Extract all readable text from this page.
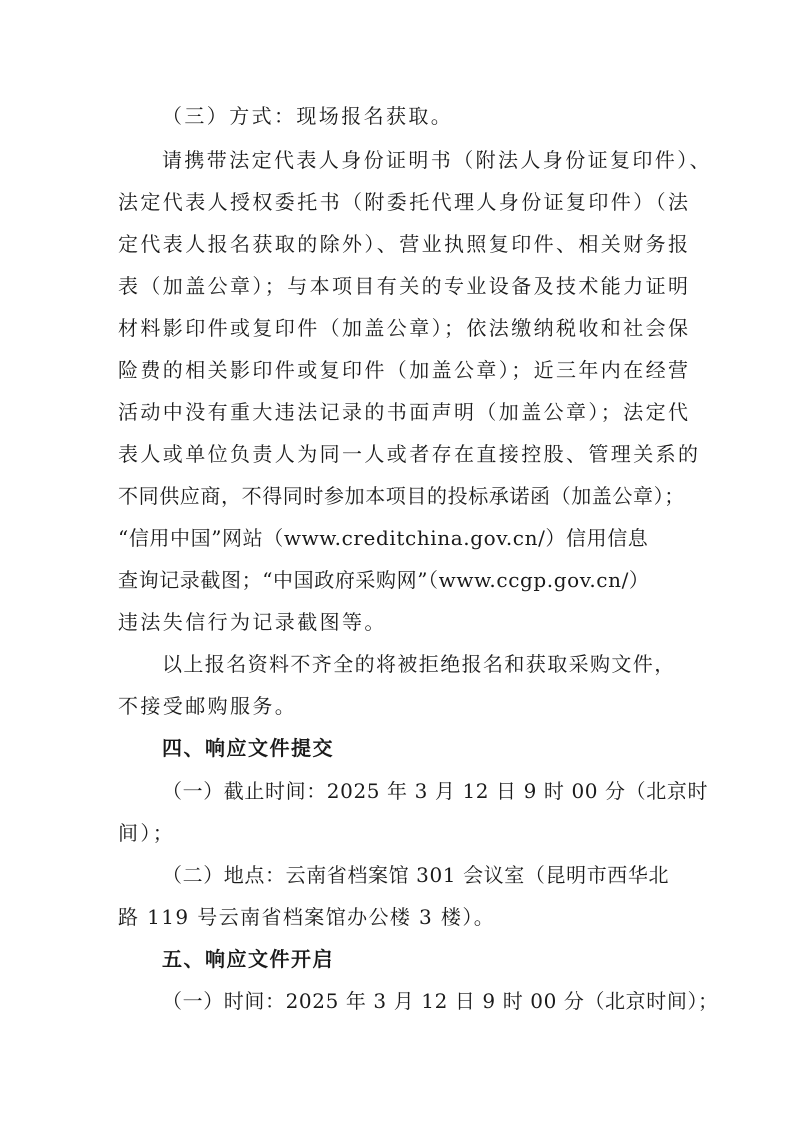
（三）方式：现场报名获取。
请携带法定代表人身份证明书（附法人身份证复印件）、
法定代表人授权委托书（附委托代理人身份证复印件）（法
定代表人报名获取的除外）、营业执照复印件、相关财务报
表（加盖公章）；与本项目有关的专业设备及技术能力证明
材料影印件或复印件（加盖公章）；依法缴纳税收和社会保
险费的相关影印件或复印件（加盖公章）；近三年内在经营
活动中没有重大违法记录的书面声明（加盖公章）；法定代
表人或单位负责人为同一人或者存在直接控股、管理关系的
不同供应商，不得同时参加本项目的投标承诺函（加盖公章）；
“信用中国”网站（www.creditchina.gov.cn/）信用信息
查询记录截图；“中国政府采购网”（www.ccgp.gov.cn/）
违法失信行为记录截图等。
以上报名资料不齐全的将被拒绝报名和获取采购文件，
不接受邮购服务。
四、响应文件提交
（一）截止时间：2025 年 3 月 12 日 9 时 00 分（北京时
间）；
（二）地点：云南省档案馆 301 会议室（昆明市西华北
路 119 号云南省档案馆办公楼 3 楼）。
五、响应文件开启
（一）时间：2025 年 3 月 12 日 9 时 00 分（北京时间）；
